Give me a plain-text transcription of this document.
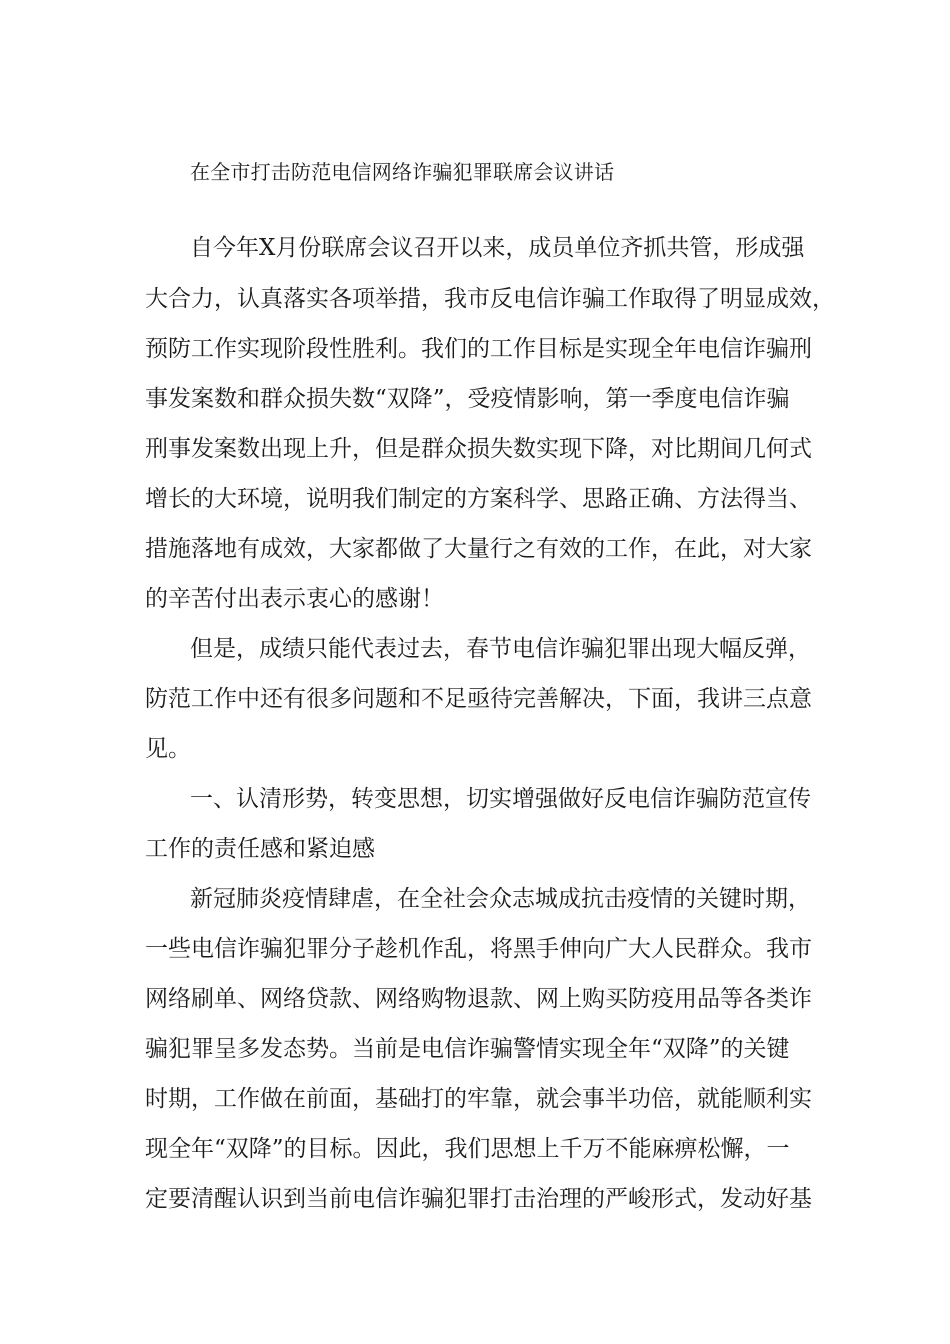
在全市打击防范电信网络诈骗犯罪联席会议讲话
自今年X月份联席会议召开以来，成员单位齐抓共管，形成强
大合力，认真落实各项举措，我市反电信诈骗工作取得了明显成效，
预防工作实现阶段性胜利。我们的工作目标是实现全年电信诈骗刑
事发案数和群众损失数“双降”，受疫情影响，第一季度电信诈骗
刑事发案数出现上升，但是群众损失数实现下降，对比期间几何式
增长的大环境，说明我们制定的方案科学、思路正确、方法得当、
措施落地有成效，大家都做了大量行之有效的工作，在此，对大家
的辛苦付出表示衷心的感谢！
但是，成绩只能代表过去，春节电信诈骗犯罪出现大幅反弹，
防范工作中还有很多问题和不足亟待完善解决，下面，我讲三点意
见。
一、认清形势，转变思想，切实增强做好反电信诈骗防范宣传
工作的责任感和紧迫感
新冠肺炎疫情肆虐，在全社会众志城成抗击疫情的关键时期，
一些电信诈骗犯罪分子趁机作乱，将黑手伸向广大人民群众。我市
网络刷单、网络贷款、网络购物退款、网上购买防疫用品等各类诈
骗犯罪呈多发态势。当前是电信诈骗警情实现全年“双降”的关键
时期，工作做在前面，基础打的牢靠，就会事半功倍，就能顺利实
现全年“双降”的目标。因此，我们思想上千万不能麻痹松懈，一
定要清醒认识到当前电信诈骗犯罪打击治理的严峻形式，发动好基
